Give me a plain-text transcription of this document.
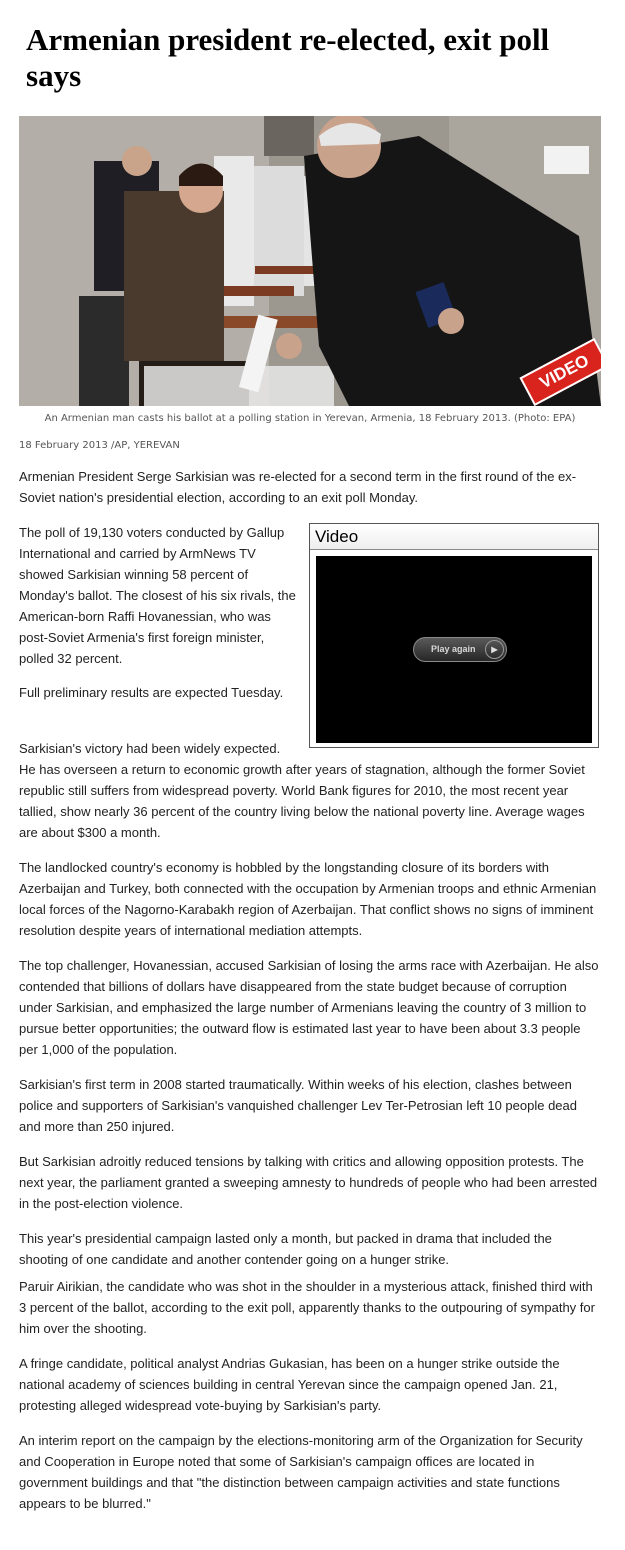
Armenian president re-elected, exit poll says
VIDEO
An Armenian man casts his ballot at a polling station in Yerevan, Armenia, 18 February 2013. (Photo: EPA)
18 February 2013 /AP, YEREVAN

Armenian President Serge Sarkisian was re-elected for a second term in the first round of the ex-Soviet nation's presidential election, according to an exit poll Monday.

The poll of 19,130 voters conducted by Gallup International and carried by ArmNews TV showed Sarkisian winning 58 percent of Monday's ballot. The closest of his six rivals, the American-born Raffi Hovanessian, who was post-Soviet Armenia's first foreign minister, polled 32 percent.

Full preliminary results are expected Tuesday.

Sarkisian's victory had been widely expected.

He has overseen a return to economic growth after years of stagnation, although the former Soviet republic still suffers from widespread poverty. World Bank figures for 2010, the most recent year tallied, show nearly 36 percent of the country living below the national poverty line. Average wages are about $300 a month.

The landlocked country's economy is hobbled by the longstanding closure of its borders with Azerbaijan and Turkey, both connected with the occupation by Armenian troops and ethnic Armenian local forces of the Nagorno-Karabakh region of Azerbaijan. That conflict shows no signs of imminent resolution despite years of international mediation attempts.

The top challenger, Hovanessian, accused Sarkisian of losing the arms race with Azerbaijan. He also contended that billions of dollars have disappeared from the state budget because of corruption under Sarkisian, and emphasized the large number of Armenians leaving the country of 3 million to pursue better opportunities; the outward flow is estimated last year to have been about 3.3 people per 1,000 of the population.

Sarkisian's first term in 2008 started traumatically. Within weeks of his election, clashes between police and supporters of Sarkisian's vanquished challenger Lev Ter-Petrosian left 10 people dead and more than 250 injured.

But Sarkisian adroitly reduced tensions by talking with critics and allowing opposition protests. The next year, the parliament granted a sweeping amnesty to hundreds of people who had been arrested in the post-election violence.

This year's presidential campaign lasted only a month, but packed in drama that included the shooting of one candidate and another contender going on a hunger strike.

Paruir Airikian, the candidate who was shot in the shoulder in a mysterious attack, finished third with 3 percent of the ballot, according to the exit poll, apparently thanks to the outpouring of sympathy for him over the shooting.

A fringe candidate, political analyst Andrias Gukasian, has been on a hunger strike outside the national academy of sciences building in central Yerevan since the campaign opened Jan. 21, protesting alleged widespread vote-buying by Sarkisian's party.

An interim report on the campaign by the elections-monitoring arm of the Organization for Security and Cooperation in Europe noted that some of Sarkisian's campaign offices are located in government buildings and that "the distinction between campaign activities and state functions appears to be blurred."

Video
Play again	▶
